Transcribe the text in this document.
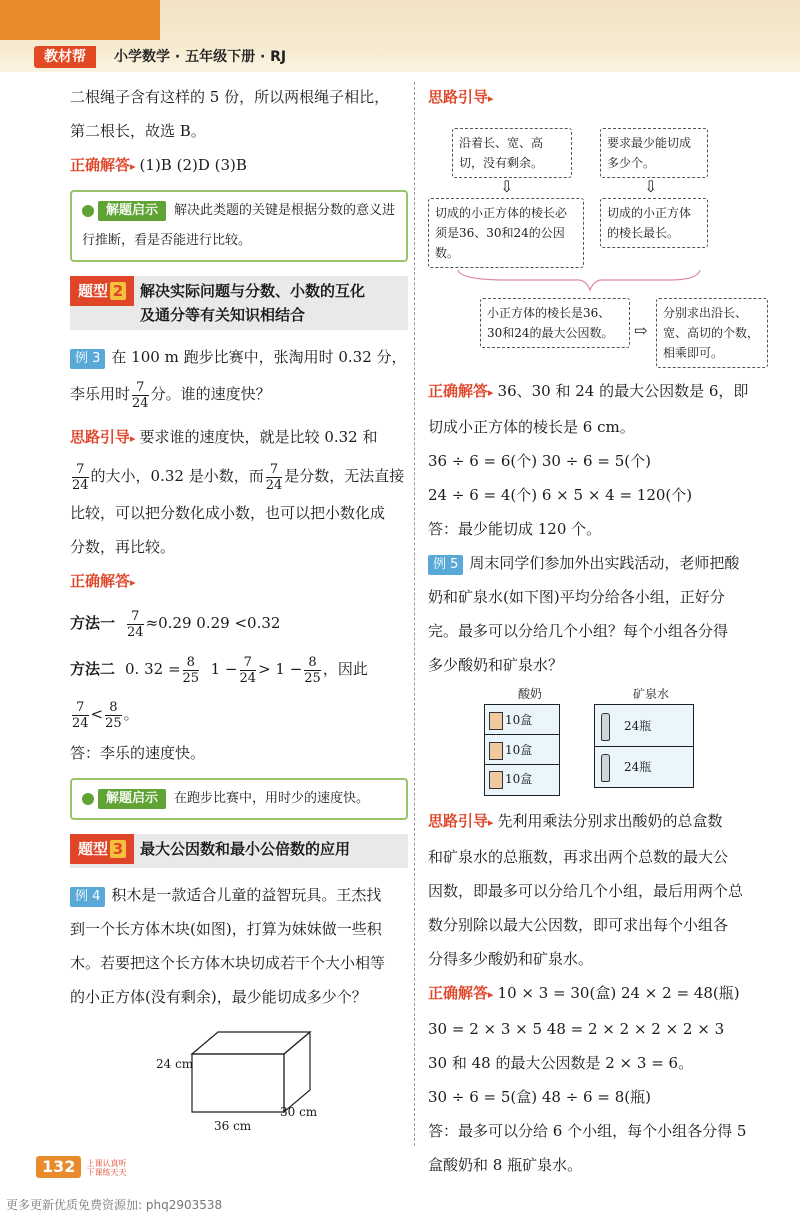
教材帮	小学数学 · 五年级下册 · RJ

二根绳子含有这样的 5 份，所以两根绳子相比，

第二根长，故选 B。

正确解答▸ (1)B (2)D (3)B

解题启示 解决此类题的关键是根据分数的意义进行推断，看是否能进行比较。
题型 2 解决实际问题与分数、小数的互化及通分等有关知识相结合

例 3 在 100 m 跑步比赛中，张淘用时 0.32 分，

李乐用时 $\frac{7}{24}$ 分。谁的速度快？

思路引导▸ 要求谁的速度快，就是比较 0.32 和

$\frac{7}{24}$ 的大小，0.32 是小数，而 $\frac{7}{24}$ 是分数，无法直接

比较，可以把分数化成小数，也可以把小数化成

分数，再比较。

正确解答▸

方法一 $\frac{7}{24} \approx 0.29$ 0.29 <0.32

方法二 0. $32 = \frac{8}{25} 1 - \frac{7}{24} > 1 - \frac{8}{25}$ ，因此

$\frac{7}{24} < \frac{8}{25}$ 。

答：李乐的速度快。

解题启示 在跑步比赛中，用时少的速度快。
题型 3 最大公因数和最小公倍数的应用

例 4 积木是一款适合儿童的益智玩具。王杰找

到一个长方体木块(如图)，打算为妹妹做一些积

木。若要把这个长方体木块切成若干个大小相等

的小正方体(没有剩余)，最少能切成多少个？

24 cm
30 cm
36 cm

思路引导▸

沿着长、宽、高切，没有剩余。
要求最少能切成多少个。
⇩	⇩
切成的小正方体的棱长必须是36、30和24的公因数。
切成的小正方体的棱长最长。
小正方体的棱长是36、30和24的最大公因数。	⇨
分别求出沿长、宽、高切的个数，相乘即可。

正确解答▸ 36、30 和 24 的最大公因数是 6，即

切成小正方体的棱长是 6 cm。

36 ÷ 6 = 6(个) 30 ÷ 6 = 5(个)

24 ÷ 6 = 4(个) 6 × 5 × 4 = 120(个)

答：最少能切成 120 个。

例 5 周末同学们参加外出实践活动，老师把酸

奶和矿泉水(如下图)平均分给各小组，正好分

完。最多可以分给几个小组？每个小组各分得

多少酸奶和矿泉水？

酸奶
10盒
10盒
10盒
矿泉水
24瓶
24瓶

思路引导▸ 先利用乘法分别求出酸奶的总盒数

和矿泉水的总瓶数，再求出两个总数的最大公

因数，即最多可以分给几个小组，最后用两个总

数分别除以最大公因数，即可求出每个小组各

分得多少酸奶和矿泉水。

正确解答▸ 10 × 3 = 30(盒) 24 × 2 = 48(瓶)

30 = 2 × 3 × 5 48 = 2 × 2 × 2 × 2 × 3

30 和 48 的最大公因数是 2 × 3 = 6。

30 ÷ 6 = 5(盒) 48 ÷ 6 = 8(瓶)

答：最多可以分给 6 个小组，每个小组各分得 5

盒酸奶和 8 瓶矿泉水。

132 上课认真听 下课练天天
更多更新优质免费资源加: phq2903538
